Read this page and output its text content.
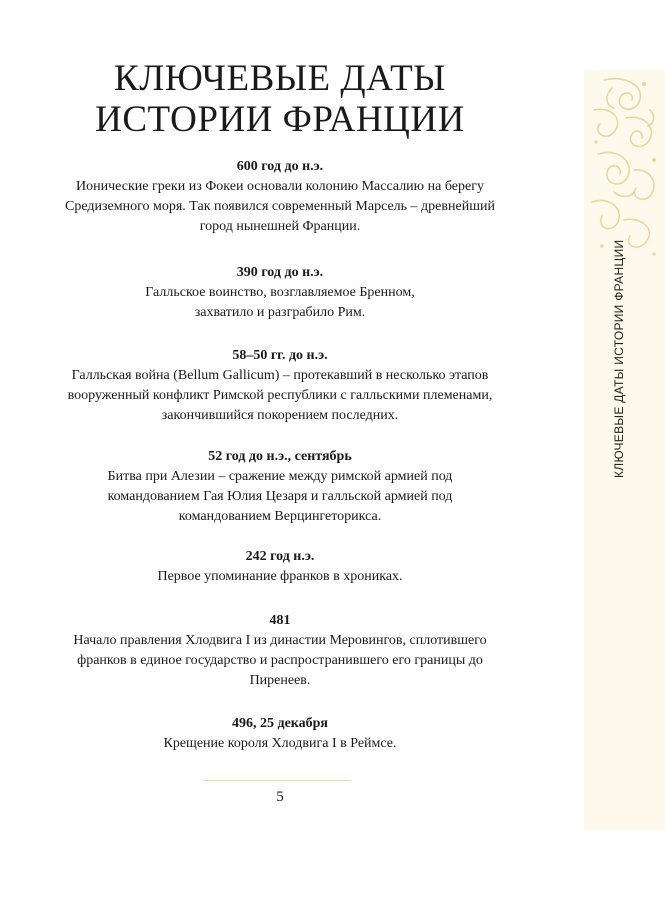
КЛЮЧЕВЫЕ ДАТЫ
ИСТОРИИ ФРАНЦИИ
600 год до н.э.
Ионические греки из Фокеи основали колонию Массалию на берегу
Средиземного моря. Так появился современный Марсель – древнейший
город нынешней Франции.
390 год до н.э.
Галльское воинство, возглавляемое Бренном,
захватило и разграбило Рим.
58–50 гг. до н.э.
Галльская война (Bellum Gallicum) – протекавший в несколько этапов
вооруженный конфликт Римской республики с галльскими племенами,
закончившийся покорением последних.
52 год до н.э., сентябрь
Битва при Алезии – сражение между римской армией под
командованием Гая Юлия Цезаря и галльской армией под
командованием Верцингеторикса.
242 год н.э.
Первое упоминание франков в хрониках.
481
Начало правления Хлодвига I из династии Меровингов, сплотившего
франков в единое государство и распространившего его границы до
Пиренеев.
496, 25 декабря
Крещение короля Хлодвига I в Реймсе.
5
КЛЮЧЕВЫЕ ДАТЫ ИСТОРИИ ФРАНЦИИ
